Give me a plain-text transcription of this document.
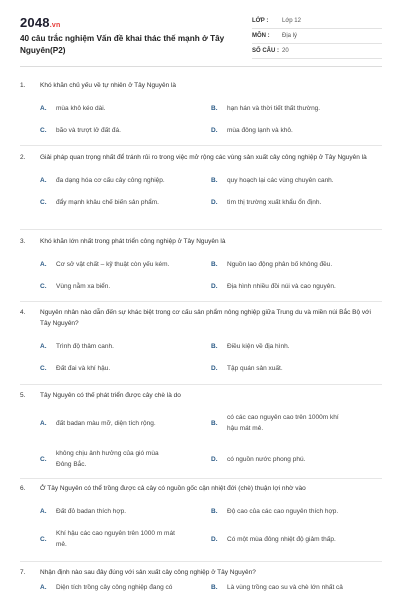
2048.vn
40 câu trắc nghiệm Vấn đề khai thác thế mạnh ở Tây Nguyên(P2)
LỚP :	Lớp 12
MÔN :	Địa lý
SỐ CÂU : 20
1.	Khó khăn chủ yếu về tự nhiên ở Tây Nguyên là
A.	mùa khô kéo dài.	B.	hạn hán và thời tiết thất thường.
C.	bão và trượt lở đất đá.	D.	mùa đông lạnh và khô.
2.	Giải pháp quan trọng nhất để tránh rủi ro trong việc mở rộng các vùng sản xuất cây công nghiệp ở Tây Nguyên là
A.	đa dạng hóa cơ cấu cây công nghiệp.	B.	quy hoạch lại các vùng chuyên canh.
C.	đẩy mạnh khâu chế biến sản phẩm.	D.	tìm thị trường xuất khẩu ổn định.
3.	Khó khăn lớn nhất trong phát triển công nghiệp ở Tây Nguyên là
A.	Cơ sở vật chất – kỹ thuật còn yếu kém.	B.	Nguồn lao động phân bố không đều.
C.	Vùng nằm xa biển.	D.	Địa hình nhiều đồi núi và cao nguyên.
4.	Nguyên nhân nào dẫn đến sự khác biệt trong cơ cấu sản phẩm nông nghiệp giữa Trung du và miền núi Bắc Bộ với Tây Nguyên?
A.	Trình độ thâm canh.	B.	Điều kiện về địa hình.
C.	Đất đai và khí hậu.	D.	Tập quán sản xuất.
5.	Tây Nguyên có thế phát triển được cây chè là do
A.	đất badan màu mỡ, diện tích rộng.	B.
có các cao nguyên cao trên 1000m khí hậu mát mẻ.
C.
không chịu ảnh hưởng của gió mùa Đông Bắc.
D.	có nguồn nước phong phú.
6.	Ở Tây Nguyên có thể trồng được cả cây có nguồn gốc cận nhiệt đới (chè) thuận lợi nhờ vào
A.	Đất đỏ badan thích hợp.	B.	Độ cao của các cao nguyên thích hợp.
C.
Khí hậu các cao nguyên trên 1000 m mát mẻ.
D.	Có một mùa đông nhiệt độ giảm thấp.
7.	Nhận định nào sau đây đúng với sản xuất cây công nghiệp ở Tây Nguyên?
A.	Diện tích trồng cây công nghiệp đang có	B.	Là vùng trồng cao su và chè lớn nhất cả
